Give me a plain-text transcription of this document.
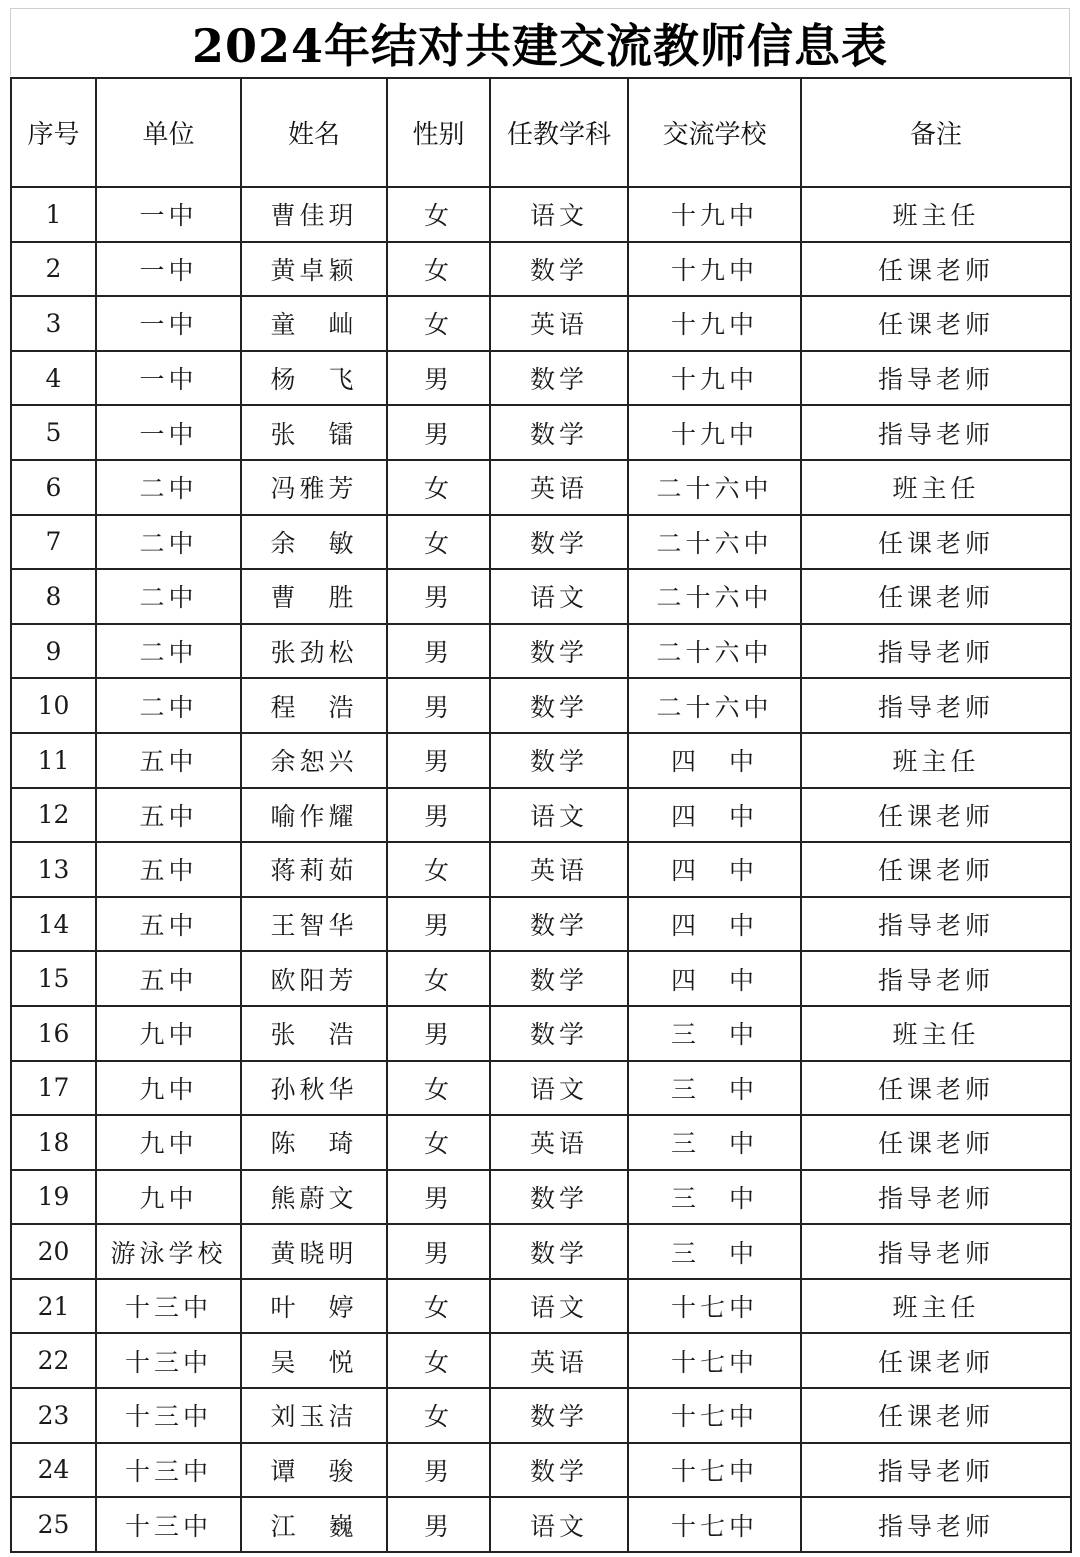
2024年结对共建交流教师信息表
序号	单位	姓名	性别	任教学科	交流学校	备注
1	一中	曹佳玥	女	语文	十九中	班主任
2	一中	黄卓颖	女	数学	十九中	任课老师
3	一中	童　屾	女	英语	十九中	任课老师
4	一中	杨　飞	男	数学	十九中	指导老师
5	一中	张　镭	男	数学	十九中	指导老师
6	二中	冯雅芳	女	英语	二十六中	班主任
7	二中	余　敏	女	数学	二十六中	任课老师
8	二中	曹　胜	男	语文	二十六中	任课老师
9	二中	张劲松	男	数学	二十六中	指导老师
10	二中	程　浩	男	数学	二十六中	指导老师
11	五中	余恕兴	男	数学	四　中	班主任
12	五中	喻作耀	男	语文	四　中	任课老师
13	五中	蒋莉茹	女	英语	四　中	任课老师
14	五中	王智华	男	数学	四　中	指导老师
15	五中	欧阳芳	女	数学	四　中	指导老师
16	九中	张　浩	男	数学	三　中	班主任
17	九中	孙秋华	女	语文	三　中	任课老师
18	九中	陈　琦	女	英语	三　中	任课老师
19	九中	熊蔚文	男	数学	三　中	指导老师
20	游泳学校	黄晓明	男	数学	三　中	指导老师
21	十三中	叶　婷	女	语文	十七中	班主任
22	十三中	吴　悦	女	英语	十七中	任课老师
23	十三中	刘玉洁	女	数学	十七中	任课老师
24	十三中	谭　骏	男	数学	十七中	指导老师
25	十三中	江　巍	男	语文	十七中	指导老师
